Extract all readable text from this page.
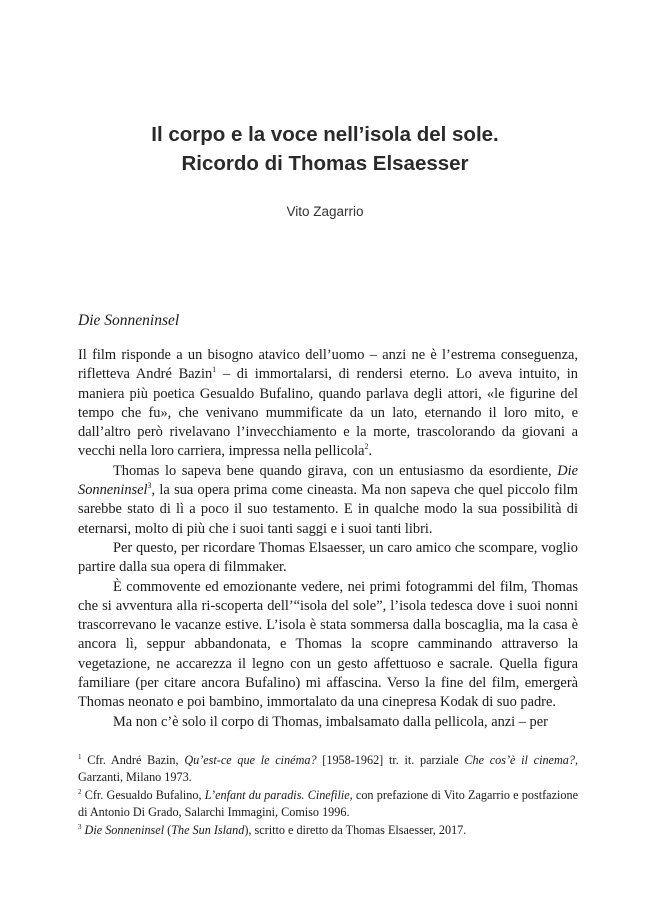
Il corpo e la voce nell’isola del sole.
Ricordo di Thomas Elsaesser
Vito Zagarrio
Die Sonneninsel

Il film risponde a un bisogno atavico dell’uomo – anzi ne è l’estrema conseguenza, rifletteva André Bazin$^1$ – di immortalarsi, di rendersi eterno. Lo aveva intuito, in maniera più poetica Gesualdo Bufalino, quando parlava degli attori, «le figurine del tempo che fu», che venivano mummificate da un lato, eternando il loro mito, e dall’altro però rivelavano l’invecchiamento e la morte, trascolorando da giovani a vecchi nella loro carriera, impressa nella pellicola$^2$.

Thomas lo sapeva bene quando girava, con un entusiasmo da esordiente, Die Sonneninsel$^3$, la sua opera prima come cineasta. Ma non sapeva che quel piccolo film sarebbe stato di lì a poco il suo testamento. E in qualche modo la sua possibilità di eternarsi, molto di più che i suoi tanti saggi e i suoi tanti libri.

Per questo, per ricordare Thomas Elsaesser, un caro amico che scompare, voglio partire dalla sua opera di filmmaker.

È commovente ed emozionante vedere, nei primi fotogrammi del film, Thomas che si avventura alla ri-scoperta dell’“isola del sole”, l’isola tedesca dove i suoi nonni trascorrevano le vacanze estive. L’isola è stata sommersa dalla boscaglia, ma la casa è ancora lì, seppur abbandonata, e Thomas la scopre camminando attraverso la vegetazione, ne accarezza il legno con un gesto affettuoso e sacrale. Quella figura familiare (per citare ancora Bufalino) mi affascina. Verso la fine del film, emergerà Thomas neonato e poi bambino, immortalato da una cinepresa Kodak di suo padre.

Ma non c’è solo il corpo di Thomas, imbalsamato dalla pellicola, anzi – per

$^1$ Cfr. André Bazin, Qu’est-ce que le cinéma? [1958-1962] tr. it. parziale Che cos’è il cinema?, Garzanti, Milano 1973.

$^2$ Cfr. Gesualdo Bufalino, L’enfant du paradis. Cinefilie, con prefazione di Vito Zagarrio e postfazione di Antonio Di Grado, Salarchi Immagini, Comiso 1996.

$^3$ Die Sonneninsel (The Sun Island), scritto e diretto da Thomas Elsaesser, 2017.
